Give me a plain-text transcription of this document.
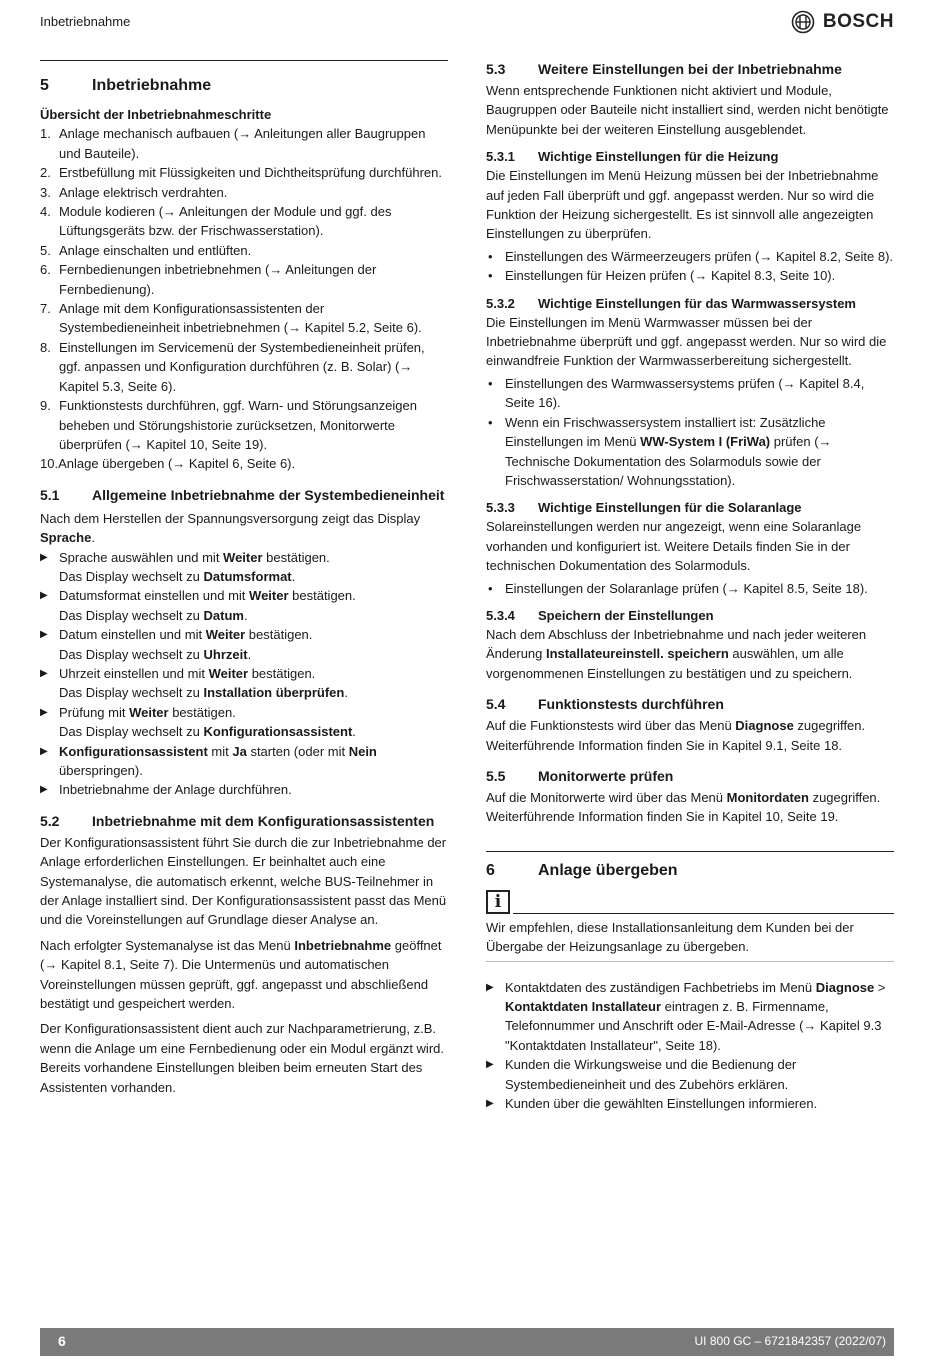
Inbetriebnahme	BOSCH
5	Inbetriebnahme

Übersicht der Inbetriebnahmeschritte

1. Anlage mechanisch aufbauen (→ Anleitungen aller Baugruppen und Bauteile).
2. Erstbefüllung mit Flüssigkeiten und Dichtheitsprüfung durchführen.
3. Anlage elektrisch verdrahten.
4. Module kodieren (→ Anleitungen der Module und ggf. des Lüftungsgeräts bzw. der Frischwasserstation).
5. Anlage einschalten und entlüften.
6. Fernbedienungen inbetriebnehmen (→ Anleitungen der Fernbedienung).
7. Anlage mit dem Konfigurationsassistenten der Systembedieneinheit inbetriebnehmen (→ Kapitel 5.2, Seite 6).
8. Einstellungen im Servicemenü der Systembedieneinheit prüfen, ggf. anpassen und Konfiguration durchführen (z. B. Solar) (→ Kapitel 5.3, Seite 6).
9. Funktionstests durchführen, ggf. Warn- und Störungsanzeigen beheben und Störungshistorie zurücksetzen, Monitorwerte überprüfen (→ Kapitel 10, Seite 19).
10. Anlage übergeben (→ Kapitel 6, Seite 6).
5.1	Allgemeine Inbetriebnahme der Systembedieneinheit

Nach dem Herstellen der Spannungsversorgung zeigt das Display Sprache.

▶ Sprache auswählen und mit Weiter bestätigen.
Das Display wechselt zu Datumsformat.
▶ Datumsformat einstellen und mit Weiter bestätigen.
Das Display wechselt zu Datum.
▶ Datum einstellen und mit Weiter bestätigen.
Das Display wechselt zu Uhrzeit.
▶ Uhrzeit einstellen und mit Weiter bestätigen.
Das Display wechselt zu Installation überprüfen.
▶ Prüfung mit Weiter bestätigen.
Das Display wechselt zu Konfigurationsassistent.
▶ Konfigurationsassistent mit Ja starten (oder mit Nein überspringen).
▶ Inbetriebnahme der Anlage durchführen.
5.2	Inbetriebnahme mit dem Konfigurationsassistenten

Der Konfigurationsassistent führt Sie durch die zur Inbetriebnahme der Anlage erforderlichen Einstellungen. Er beinhaltet auch eine Systemanalyse, die automatisch erkennt, welche BUS-Teilnehmer in der Anlage installiert sind. Der Konfigurationsassistent passt das Menü und die Voreinstellungen auf Grundlage dieser Analyse an.

Nach erfolgter Systemanalyse ist das Menü Inbetriebnahme geöffnet (→ Kapitel 8.1, Seite 7). Die Untermenüs und automatischen Voreinstellungen müssen geprüft, ggf. angepasst und abschließend bestätigt und gespeichert werden.

Der Konfigurationsassistent dient auch zur Nachparametrierung, z.B. wenn die Anlage um eine Fernbedienung oder ein Modul ergänzt wird. Bereits vorhandene Einstellungen bleiben beim erneuten Start des Assistenten vorhanden.

5.3	Weitere Einstellungen bei der Inbetriebnahme

Wenn entsprechende Funktionen nicht aktiviert und Module, Baugruppen oder Bauteile nicht installiert sind, werden nicht benötigte Menüpunkte bei der weiteren Einstellung ausgeblendet.

5.3.1	Wichtige Einstellungen für die Heizung

Die Einstellungen im Menü Heizung müssen bei der Inbetriebnahme auf jeden Fall überprüft und ggf. angepasst werden. Nur so wird die Funktion der Heizung sichergestellt. Es ist sinnvoll alle angezeigten Einstellungen zu überprüfen.

• Einstellungen des Wärmeerzeugers prüfen (→ Kapitel 8.2, Seite 8).
• Einstellungen für Heizen prüfen (→ Kapitel 8.3, Seite 10).
5.3.2	Wichtige Einstellungen für das Warmwassersystem

Die Einstellungen im Menü Warmwasser müssen bei der Inbetriebnahme überprüft und ggf. angepasst werden. Nur so wird die einwandfreie Funktion der Warmwasserbereitung sichergestellt.

• Einstellungen des Warmwassersystems prüfen (→ Kapitel 8.4, Seite 16).
• Wenn ein Frischwassersystem installiert ist: Zusätzliche Einstellungen im Menü WW-System I (FriWa) prüfen (→ Technische Dokumentation des Solarmoduls sowie der Frischwasserstation/ Wohnungsstation).
5.3.3	Wichtige Einstellungen für die Solaranlage

Solareinstellungen werden nur angezeigt, wenn eine Solaranlage vorhanden und konfiguriert ist. Weitere Details finden Sie in der technischen Dokumentation des Solarmoduls.

• Einstellungen der Solaranlage prüfen (→ Kapitel 8.5, Seite 18).
5.3.4	Speichern der Einstellungen

Nach dem Abschluss der Inbetriebnahme und nach jeder weiteren Änderung Installateureinstell. speichern auswählen, um alle vorgenommenen Einstellungen zu bestätigen und zu speichern.

5.4	Funktionstests durchführen

Auf die Funktionstests wird über das Menü Diagnose zugegriffen. Weiterführende Information finden Sie in Kapitel 9.1, Seite 18.

5.5	Monitorwerte prüfen

Auf die Monitorwerte wird über das Menü Monitordaten zugegriffen. Weiterführende Information finden Sie in Kapitel 10, Seite 19.

6	Anlage übergeben
i

Wir empfehlen, diese Installationsanleitung dem Kunden bei der Übergabe der Heizungsanlage zu übergeben.

▶ Kontaktdaten des zuständigen Fachbetriebs im Menü Diagnose > Kontaktdaten Installateur eintragen z. B. Firmenname, Telefonnummer und Anschrift oder E-Mail-Adresse (→ Kapitel 9.3 "Kontaktdaten Installateur", Seite 18).
▶ Kunden die Wirkungsweise und die Bedienung der Systembedieneinheit und des Zubehörs erklären.
▶ Kunden über die gewählten Einstellungen informieren.
6	UI 800 GC – 6721842357 (2022/07)
